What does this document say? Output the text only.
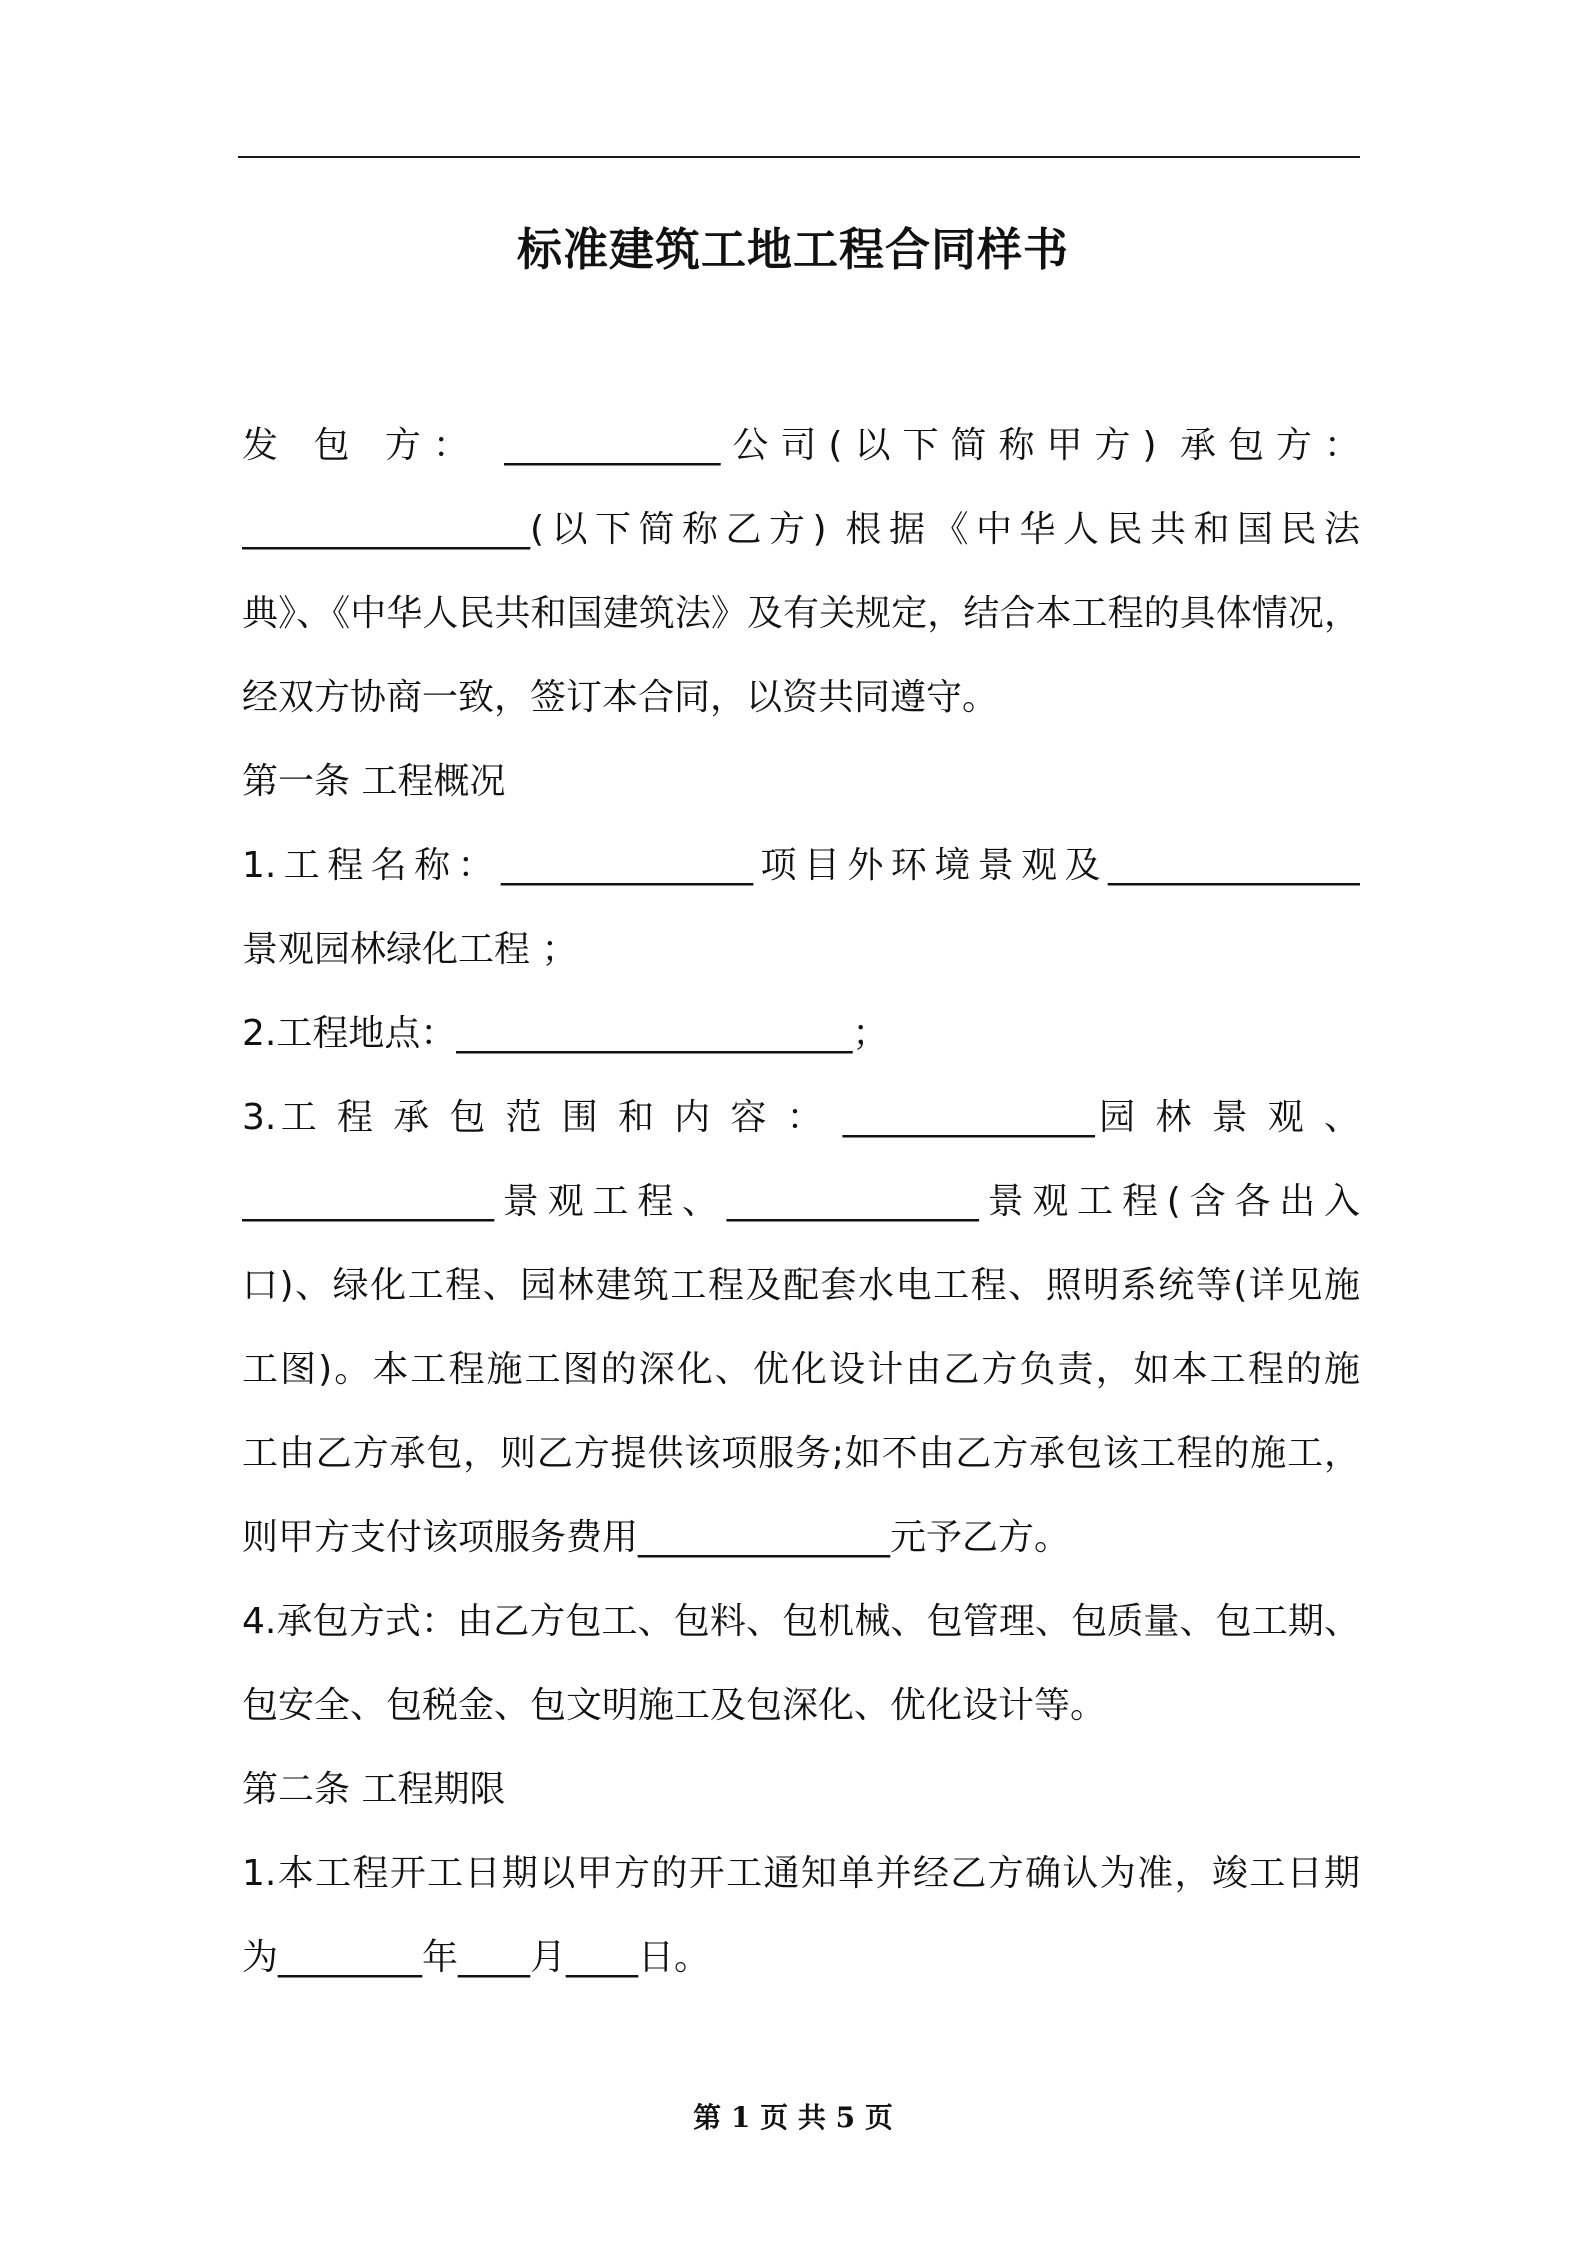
标准建筑工地工程合同样书
发 包 方： ____________公司(以下简称甲方) 承包方：
________________(以下简称乙方) 根据《中华人民共和国民法
典》、《中华人民共和国建筑法》及有关规定，结合本工程的具体情况，
经双方协商一致，签订本合同，以资共同遵守。
第一条 工程概况
1.工程名称：______________项目外环境景观及______________
景观园林绿化工程 ；
2.工程地点：______________________；
3.工 程 承 包 范 围 和 内 容 ： ______________园 林 景 观 、
______________景观工程、______________景观工程(含各出入
口)、绿化工程、园林建筑工程及配套水电工程、照明系统等(详见施
工图)。本工程施工图的深化、优化设计由乙方负责，如本工程的施
工由乙方承包，则乙方提供该项服务;如不由乙方承包该工程的施工，
则甲方支付该项服务费用______________元予乙方。
4.承包方式：由乙方包工、包料、包机械、包管理、包质量、包工期、
包安全、包税金、包文明施工及包深化、优化设计等。
第二条 工程期限
1.本工程开工日期以甲方的开工通知单并经乙方确认为准，竣工日期
为________年____月____日。
第 1 页 共 5 页
